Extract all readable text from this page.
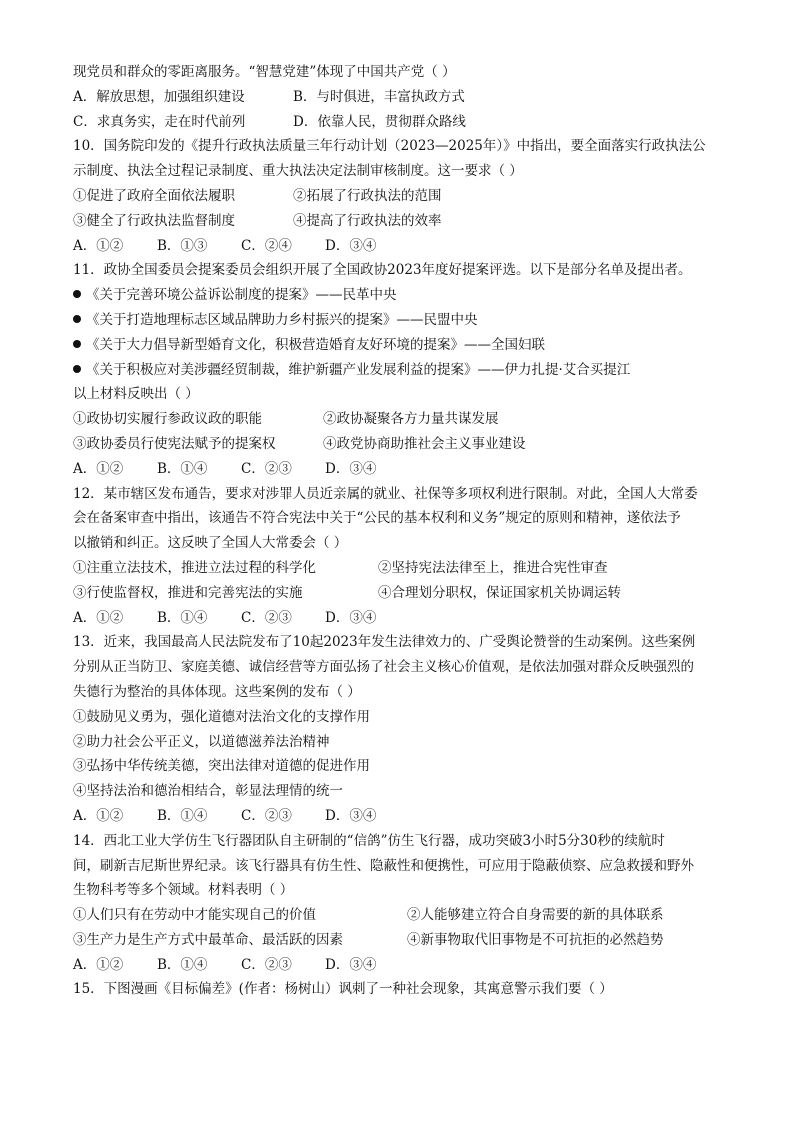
现党员和群众的零距离服务。“智慧党建”体现了中国共产党（ ）
A．解放思想，加强组织建设	B．与时俱进，丰富执政方式
C．求真务实，走在时代前列	D．依靠人民，贯彻群众路线
10．国务院印发的《提升行政执法质量三年行动计划（2023—2025年）》中指出，要全面落实行政执法公
示制度、执法全过程记录制度、重大执法决定法制审核制度。这一要求（ ）
①促进了政府全面依法履职	②拓展了行政执法的范围
③健全了行政执法监督制度	④提高了行政执法的效率
A．①②	B．①③	C．②④	D．③④
11．政协全国委员会提案委员会组织开展了全国政协2023年度好提案评选。以下是部分名单及提出者。
《关于完善环境公益诉讼制度的提案》——民革中央
《关于打造地理标志区域品牌助力乡村振兴的提案》——民盟中央
《关于大力倡导新型婚育文化，积极营造婚育友好环境的提案》——全国妇联
《关于积极应对美涉疆经贸制裁，维护新疆产业发展利益的提案》——伊力扎提·艾合买提江
以上材料反映出（ ）
①政协切实履行参政议政的职能	②政协凝聚各方力量共谋发展
③政协委员行使宪法赋予的提案权	④政党协商助推社会主义事业建设
A．①②	B．①④	C．②③	D．③④
12．某市辖区发布通告，要求对涉罪人员近亲属的就业、社保等多项权利进行限制。对此，全国人大常委
会在备案审查中指出，该通告不符合宪法中关于“公民的基本权利和义务”规定的原则和精神，遂依法予
以撤销和纠正。这反映了全国人大常委会（ ）
①注重立法技术，推进立法过程的科学化	②坚持宪法法律至上，推进合宪性审查
③行使监督权，推进和完善宪法的实施	④合理划分职权，保证国家机关协调运转
A．①②	B．①④	C．②③	D．③④
13．近来，我国最高人民法院发布了10起2023年发生法律效力的、广受舆论赞誉的生动案例。这些案例
分别从正当防卫、家庭美德、诚信经营等方面弘扬了社会主义核心价值观，是依法加强对群众反映强烈的
失德行为整治的具体体现。这些案例的发布（ ）
①鼓励见义勇为，强化道德对法治文化的支撑作用
②助力社会公平正义，以道德滋养法治精神
③弘扬中华传统美德，突出法律对道德的促进作用
④坚持法治和德治相结合，彰显法理情的统一
A．①②	B．①④	C．②③	D．③④
14．西北工业大学仿生飞行器团队自主研制的“信鸽”仿生飞行器，成功突破3小时5分30秒的续航时
间，刷新吉尼斯世界纪录。该飞行器具有仿生性、隐蔽性和便携性，可应用于隐蔽侦察、应急救援和野外
生物科考等多个领域。材料表明（ ）
①人们只有在劳动中才能实现自己的价值	②人能够建立符合自身需要的新的具体联系
③生产力是生产方式中最革命、最活跃的因素	④新事物取代旧事物是不可抗拒的必然趋势
A．①②	B．①④	C．②③	D．③④
15．下图漫画《目标偏差》(作者：杨树山）讽刺了一种社会现象，其寓意警示我们要（ ）
